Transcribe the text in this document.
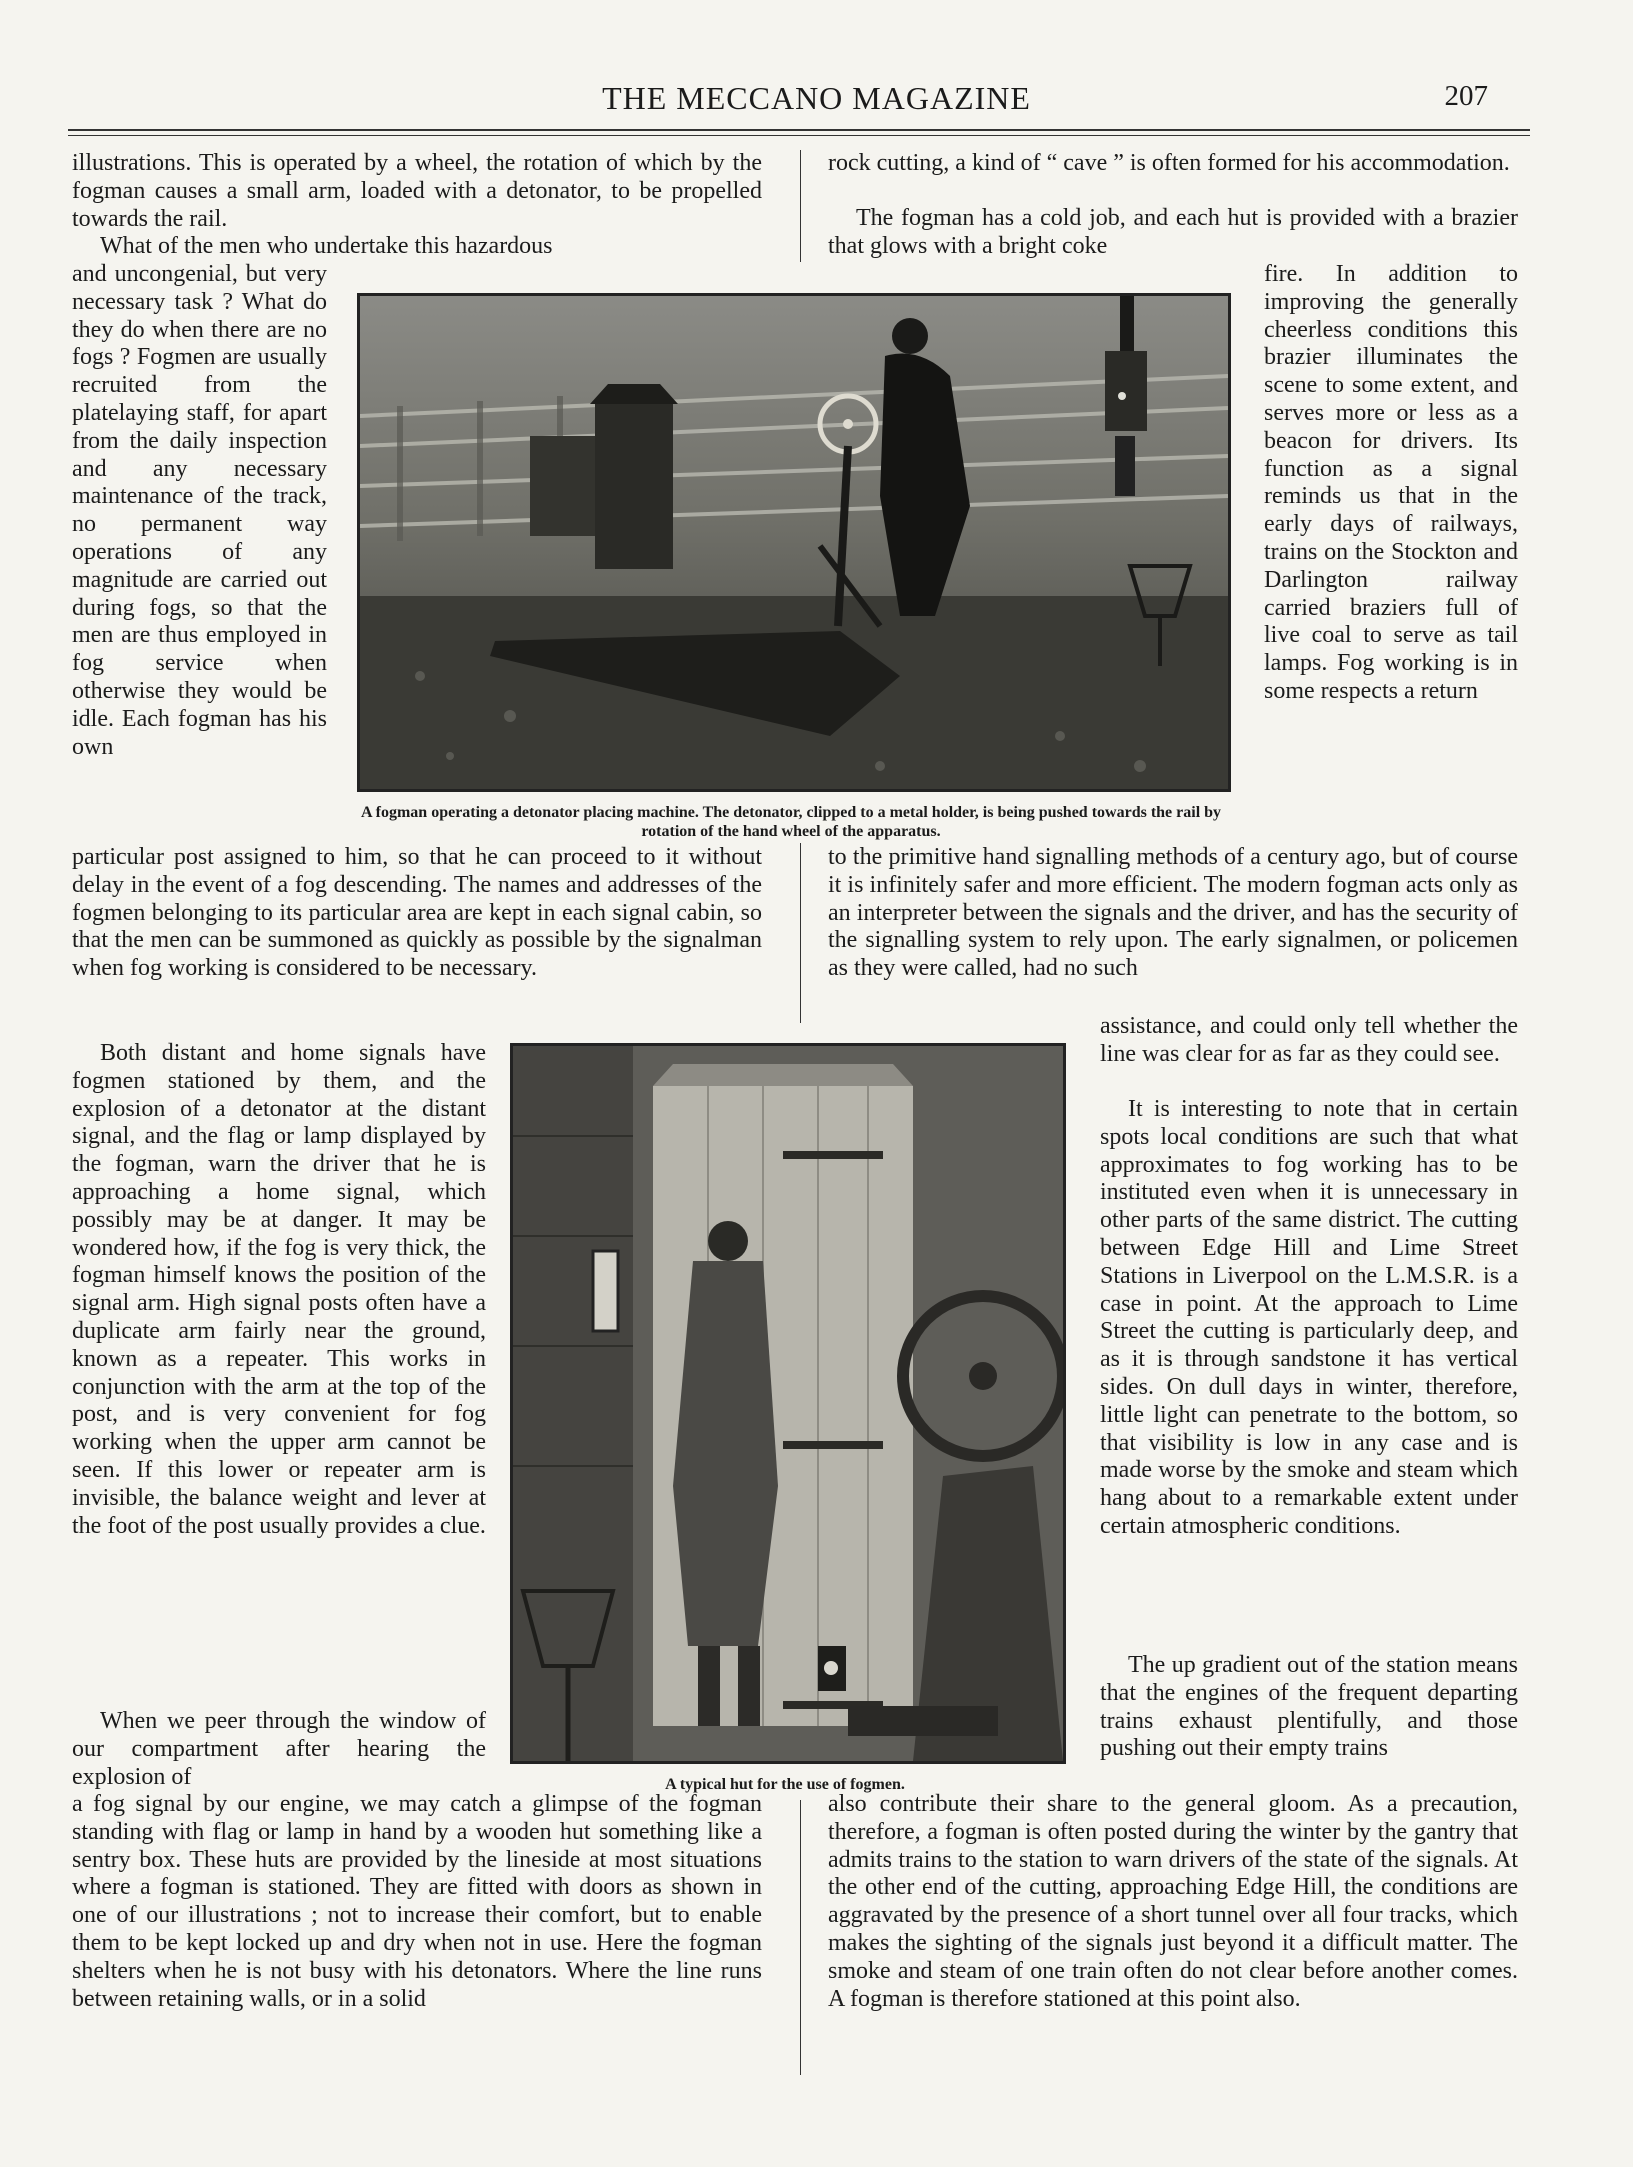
THE MECCANO MAGAZINE	207

illustrations. This is operated by a wheel, the rotation of which by the fogman causes a small arm, loaded with a detonator, to be propelled towards the rail.

What of the men who undertake this hazardous

and uncongenial, but very necessary task ? What do they do when there are no fogs ? Fogmen are usually recruited from the platelaying staff, for apart from the daily inspection and any necessary maintenance of the track, no permanent way operations of any magnitude are carried out during fogs, so that the men are thus employed in fog service when otherwise they would be idle. Each fogman has his own

particular post assigned to him, so that he can proceed to it without delay in the event of a fog descending. The names and addresses of the fogmen belonging to its particular area are kept in each signal cabin, so that the men can be summoned as quickly as possible by the signalman when fog working is considered to be necessary.

Both distant and home signals have fogmen stationed by them, and the explosion of a detonator at the distant signal, and the flag or lamp displayed by the fogman, warn the driver that he is approaching a home signal, which possibly may be at danger. It may be wondered how, if the fog is very thick, the fogman himself knows the position of the signal arm. High signal posts often have a duplicate arm fairly near the ground, known as a repeater. This works in conjunction with the arm at the top of the post, and is very convenient for fog working when the upper arm cannot be seen. If this lower or repeater arm is invisible, the balance weight and lever at the foot of the post usually provides a clue.

When we peer through the window of our compartment after hearing the explosion of

a fog signal by our engine, we may catch a glimpse of the fogman standing with flag or lamp in hand by a wooden hut something like a sentry box. These huts are provided by the lineside at most situations where a fogman is stationed. They are fitted with doors as shown in one of our illustrations ; not to increase their comfort, but to enable them to be kept locked up and dry when not in use. Here the fogman shelters when he is not busy with his detonators. Where the line runs between retaining walls, or in a solid

rock cutting, a kind of “ cave ” is often formed for his accommodation.

The fogman has a cold job, and each hut is provided with a brazier that glows with a bright coke

fire. In addition to improving the generally cheerless conditions this brazier illuminates the scene to some extent, and serves more or less as a beacon for drivers. Its function as a signal reminds us that in the early days of railways, trains on the Stockton and Darlington railway carried braziers full of live coal to serve as tail lamps. Fog working is in some respects a return

to the primitive hand signalling methods of a century ago, but of course it is infinitely safer and more efficient. The modern fogman acts only as an interpreter between the signals and the driver, and has the security of the signalling system to rely upon. The early signalmen, or policemen as they were called, had no such

assistance, and could only tell whether the line was clear for as far as they could see.

It is interesting to note that in certain spots local conditions are such that what approximates to fog working has to be instituted even when it is unnecessary in other parts of the same district. The cutting between Edge Hill and Lime Street Stations in Liverpool on the L.M.S.R. is a case in point. At the approach to Lime Street the cutting is particularly deep, and as it is through sandstone it has vertical sides. On dull days in winter, therefore, little light can penetrate to the bottom, so that visibility is low in any case and is made worse by the smoke and steam which hang about to a remarkable extent under certain atmospheric conditions.

The up gradient out of the station means that the engines of the frequent departing trains exhaust plentifully, and those pushing out their empty trains

also contribute their share to the general gloom. As a precaution, therefore, a fogman is often posted during the winter by the gantry that admits trains to the station to warn drivers of the state of the signals. At the other end of the cutting, approaching Edge Hill, the conditions are aggravated by the presence of a short tunnel over all four tracks, which makes the sighting of the signals just beyond it a difficult matter. The smoke and steam of one train often do not clear before another comes. A fogman is therefore stationed at this point also.

A fogman operating a detonator placing machine. The detonator, clipped to a metal holder, is being pushed towards the rail by rotation of the hand wheel of the apparatus.
A typical hut for the use of fogmen.
